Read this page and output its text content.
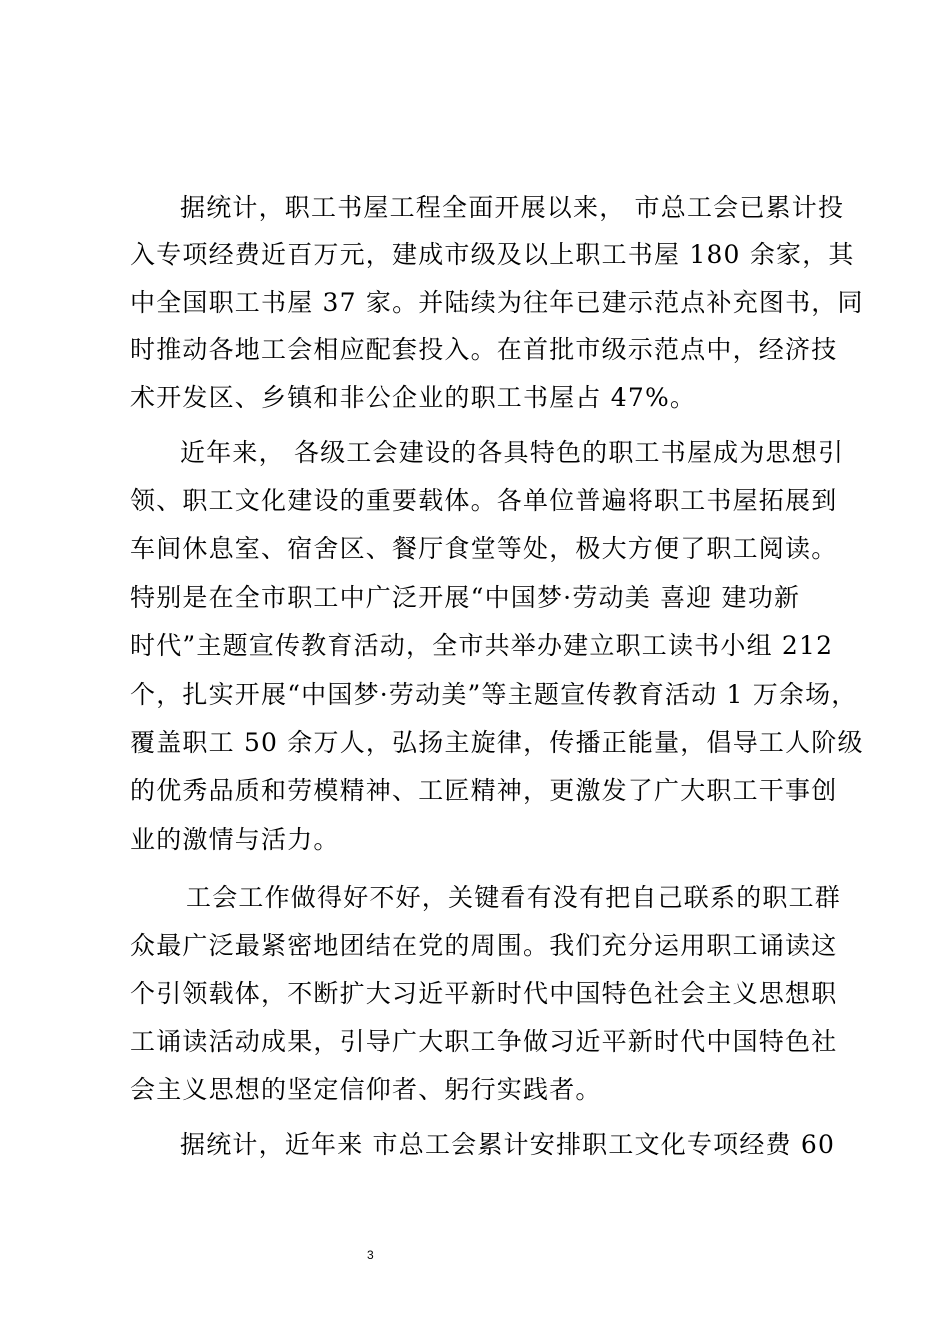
据统计，职工书屋工程全面开展以来， 市总工会已累计投
入专项经费近百万元，建成市级及以上职工书屋 180 余家，其
中全国职工书屋 37 家。并陆续为往年已建示范点补充图书，同
时推动各地工会相应配套投入。在首批市级示范点中，经济技
术开发区、乡镇和非公企业的职工书屋占 47%。
近年来， 各级工会建设的各具特色的职工书屋成为思想引
领、职工文化建设的重要载体。各单位普遍将职工书屋拓展到
车间休息室、宿舍区、餐厅食堂等处，极大方便了职工阅读。
特别是在全市职工中广泛开展“中国梦·劳动美 喜迎 建功新
时代”主题宣传教育活动，全市共举办建立职工读书小组 212
个，扎实开展“中国梦·劳动美”等主题宣传教育活动 1 万余场，
覆盖职工 50 余万人，弘扬主旋律，传播正能量，倡导工人阶级
的优秀品质和劳模精神、工匠精神，更激发了广大职工干事创
业的激情与活力。
工会工作做得好不好，关键看有没有把自己联系的职工群
众最广泛最紧密地团结在党的周围。我们充分运用职工诵读这
个引领载体，不断扩大习近平新时代中国特色社会主义思想职
工诵读活动成果，引导广大职工争做习近平新时代中国特色社
会主义思想的坚定信仰者、躬行实践者。
据统计，近年来 市总工会累计安排职工文化专项经费 60
3
